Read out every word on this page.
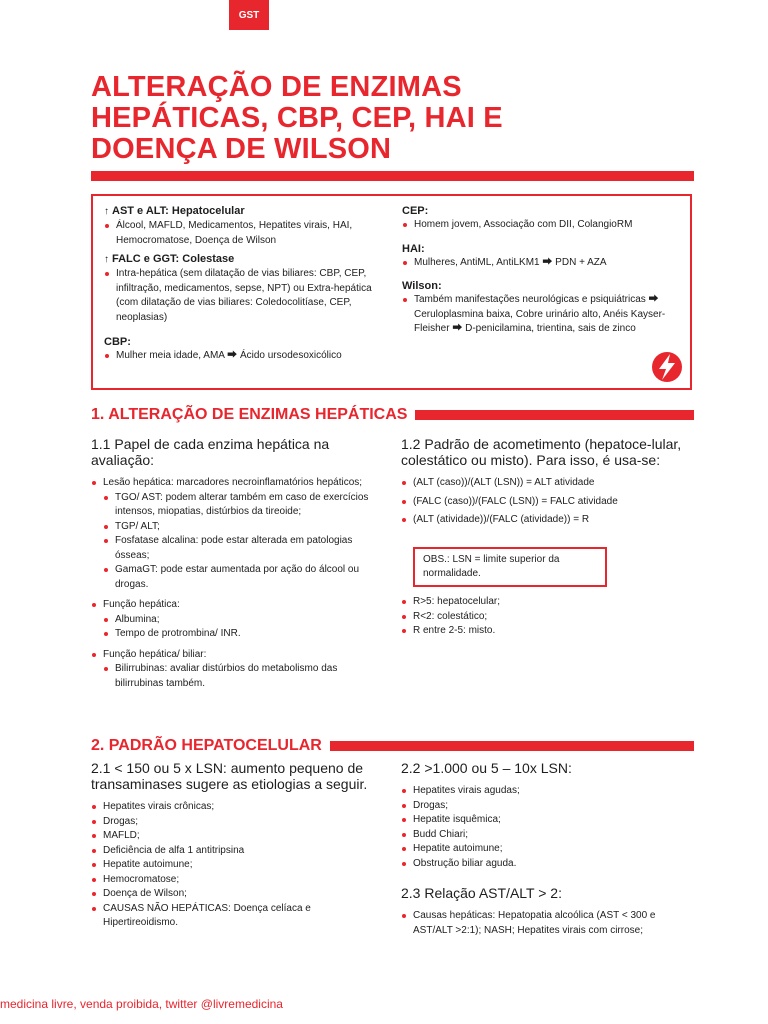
GST
ALTERAÇÃO DE ENZIMAS
HEPÁTICAS, CBP, CEP, HAI E
DOENÇA DE WILSON
↑ AST e ALT: Hepatocelular
Álcool, MAFLD, Medicamentos, Hepatites virais, HAI, Hemocromatose, Doença de Wilson
↑ FALC e GGT: Colestase
Intra-hepática (sem dilatação de vias biliares: CBP, CEP, infiltração, medicamentos, sepse, NPT) ou Extra-hepática (com dilatação de vias biliares: Coledocolitíase, CEP, neoplasias)
CBP:
Mulher meia idade, AMA ⮕ Ácido ursodesoxicólico
CEP:
Homem jovem, Associação com DII, ColangioRM
HAI:
Mulheres, AntiML, AntiLKM1 ⮕ PDN + AZA
Wilson:
Também manifestações neurológicas e psiquiátricas ⮕ Ceruloplasmina baixa, Cobre urinário alto, Anéis Kayser-Fleisher ⮕ D-penicilamina, trientina, sais de zinco
1. ALTERAÇÃO DE ENZIMAS HEPÁTICAS
1.1 Papel de cada enzima hepática na avaliação:
Lesão hepática: marcadores necroinflamatórios hepáticos;
TGO/ AST: podem alterar também em caso de exercícios intensos, miopatias, distúrbios da tireoide;
TGP/ ALT;
Fosfatase alcalina: pode estar alterada em patologias ósseas;
GamaGT: pode estar aumentada por ação do álcool ou drogas.
Função hepática:
Albumina;
Tempo de protrombina/ INR.
Função hepática/ biliar:
Bilirrubinas: avaliar distúrbios do metabolismo das bilirrubinas também.
1.2 Padrão de acometimento (hepatoce-lular, colestático ou misto). Para isso, é usa-se:
(ALT (caso))/(ALT (LSN)) = ALT atividade
(FALC (caso))/(FALC (LSN)) = FALC atividade
(ALT (atividade))/(FALC (atividade)) = R
OBS.: LSN = limite superior da normalidade.
R>5: hepatocelular;
R<2: colestático;
R entre 2-5: misto.
2. PADRÃO HEPATOCELULAR
2.1 < 150 ou 5 x LSN: aumento pequeno de transaminases sugere as etiologias a seguir.
Hepatites virais crônicas;
Drogas;
MAFLD;
Deficiência de alfa 1 antitripsina
Hepatite autoimune;
Hemocromatose;
Doença de Wilson;
CAUSAS NÃO HEPÁTICAS: Doença celíaca e Hipertireoidismo.
2.2 >1.000 ou 5 – 10x LSN:
Hepatites virais agudas;
Drogas;
Hepatite isquêmica;
Budd Chiari;
Hepatite autoimune;
Obstrução biliar aguda.
2.3 Relação AST/ALT > 2:
Causas hepáticas: Hepatopatia alcoólica (AST < 300 e AST/ALT >2:1); NASH; Hepatites virais com cirrose;
medicina livre, venda proibida, twitter @livremedicina
